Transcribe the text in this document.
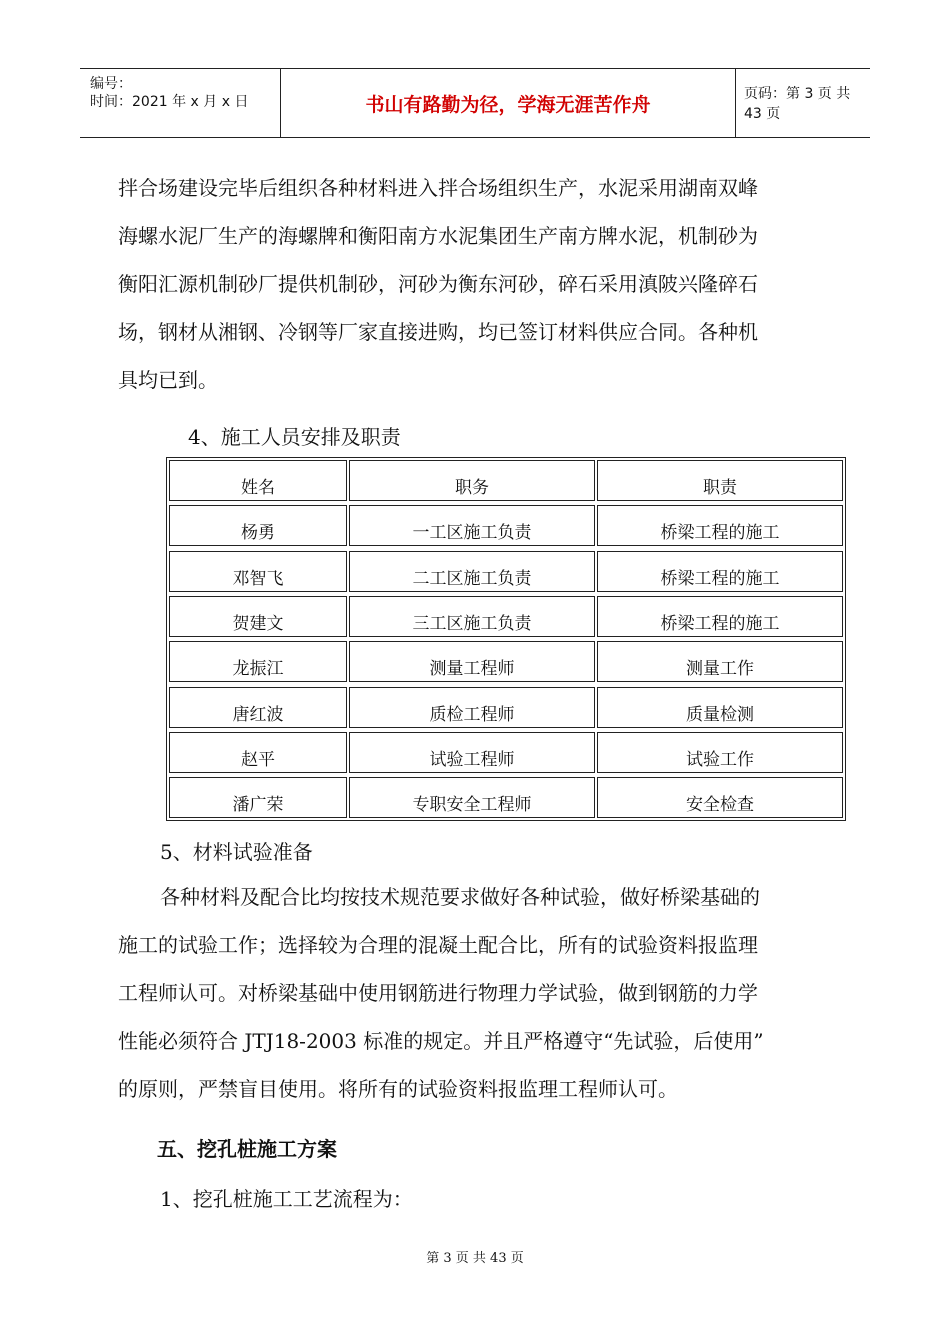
编号：
时间：2021 年 x 月 x 日	书山有路勤为径，学海无涯苦作舟	页码：第 3 页 共 43 页
拌合场建设完毕后组织各种材料进入拌合场组织生产，水泥采用湖南双峰
海螺水泥厂生产的海螺牌和衡阳南方水泥集团生产南方牌水泥，机制砂为
衡阳汇源机制砂厂提供机制砂，河砂为衡东河砂，碎石采用滇陂兴隆碎石
场，钢材从湘钢、冷钢等厂家直接进购，均已签订材料供应合同。各种机
具均已到。
4、施工人员安排及职责
姓名	职务	职责
杨勇	一工区施工负责	桥梁工程的施工
邓智飞	二工区施工负责	桥梁工程的施工
贺建文	三工区施工负责	桥梁工程的施工
龙振江	测量工程师	测量工作
唐红波	质检工程师	质量检测
赵平	试验工程师	试验工作
潘广荣	专职安全工程师	安全检查
5、材料试验准备
各种材料及配合比均按技术规范要求做好各种试验，做好桥梁基础的
施工的试验工作；选择较为合理的混凝土配合比，所有的试验资料报监理
工程师认可。对桥梁基础中使用钢筋进行物理力学试验，做到钢筋的力学
性能必须符合 JTJ18-2003 标准的规定。并且严格遵守“先试验，后使用”
的原则，严禁盲目使用。将所有的试验资料报监理工程师认可。
五、挖孔桩施工方案
1、挖孔桩施工工艺流程为：
第 3 页 共 43 页
